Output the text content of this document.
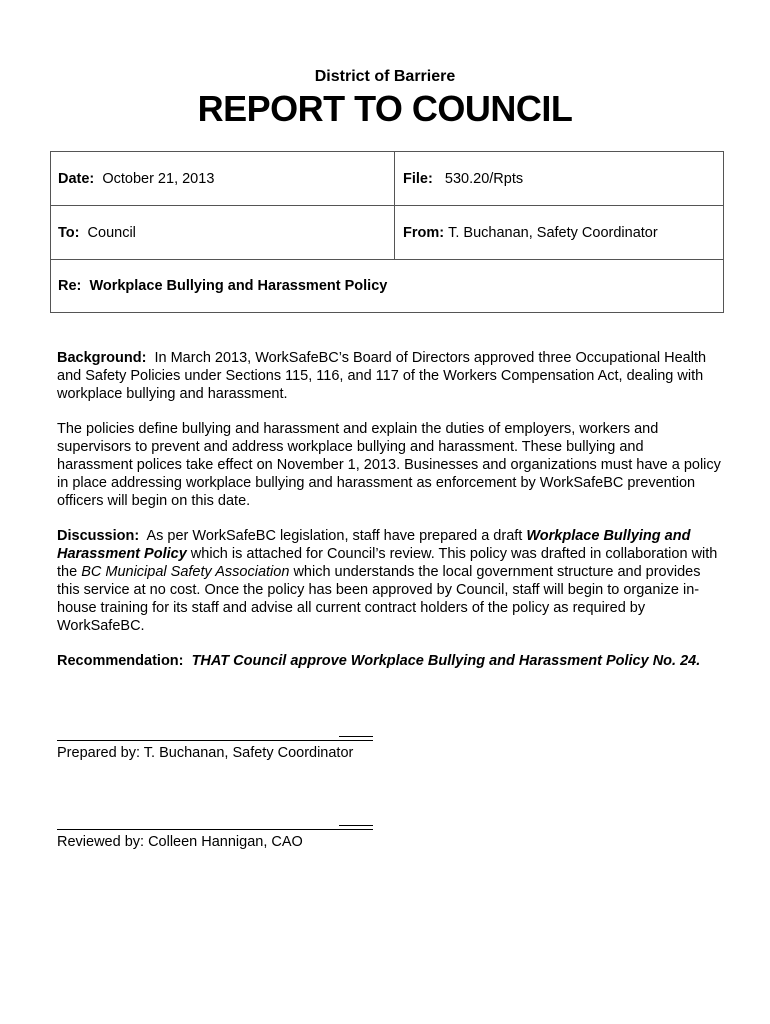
District of Barriere
REPORT TO COUNCIL
Date:
October 21, 2013	File:
530.20/Rpts
To:
Council	From:
T. Buchanan, Safety Coordinator
Re:
Workplace Bullying and Harassment Policy

Background: In March 2013, WorkSafeBC’s Board of Directors approved three Occupational Health and Safety Policies under Sections 115, 116, and 117 of the Workers Compensation Act, dealing with workplace bullying and harassment.

The policies define bullying and harassment and explain the duties of employers, workers and supervisors to prevent and address workplace bullying and harassment. These bullying and harassment polices take effect on November 1, 2013. Businesses and organizations must have a policy in place addressing workplace bullying and harassment as enforcement by WorkSafeBC prevention officers will begin on this date.

Discussion: As per WorkSafeBC legislation, staff have prepared a draft Workplace Bullying and Harassment Policy which is attached for Council’s review. This policy was drafted in collaboration with the BC Municipal Safety Association which understands the local government structure and provides this service at no cost. Once the policy has been approved by Council, staff will begin to organize in-house training for its staff and advise all current contract holders of the policy as required by WorkSafeBC.

Recommendation: THAT Council approve Workplace Bullying and Harassment Policy No. 24.

Prepared by: T. Buchanan, Safety Coordinator
Reviewed by: Colleen Hannigan, CAO
